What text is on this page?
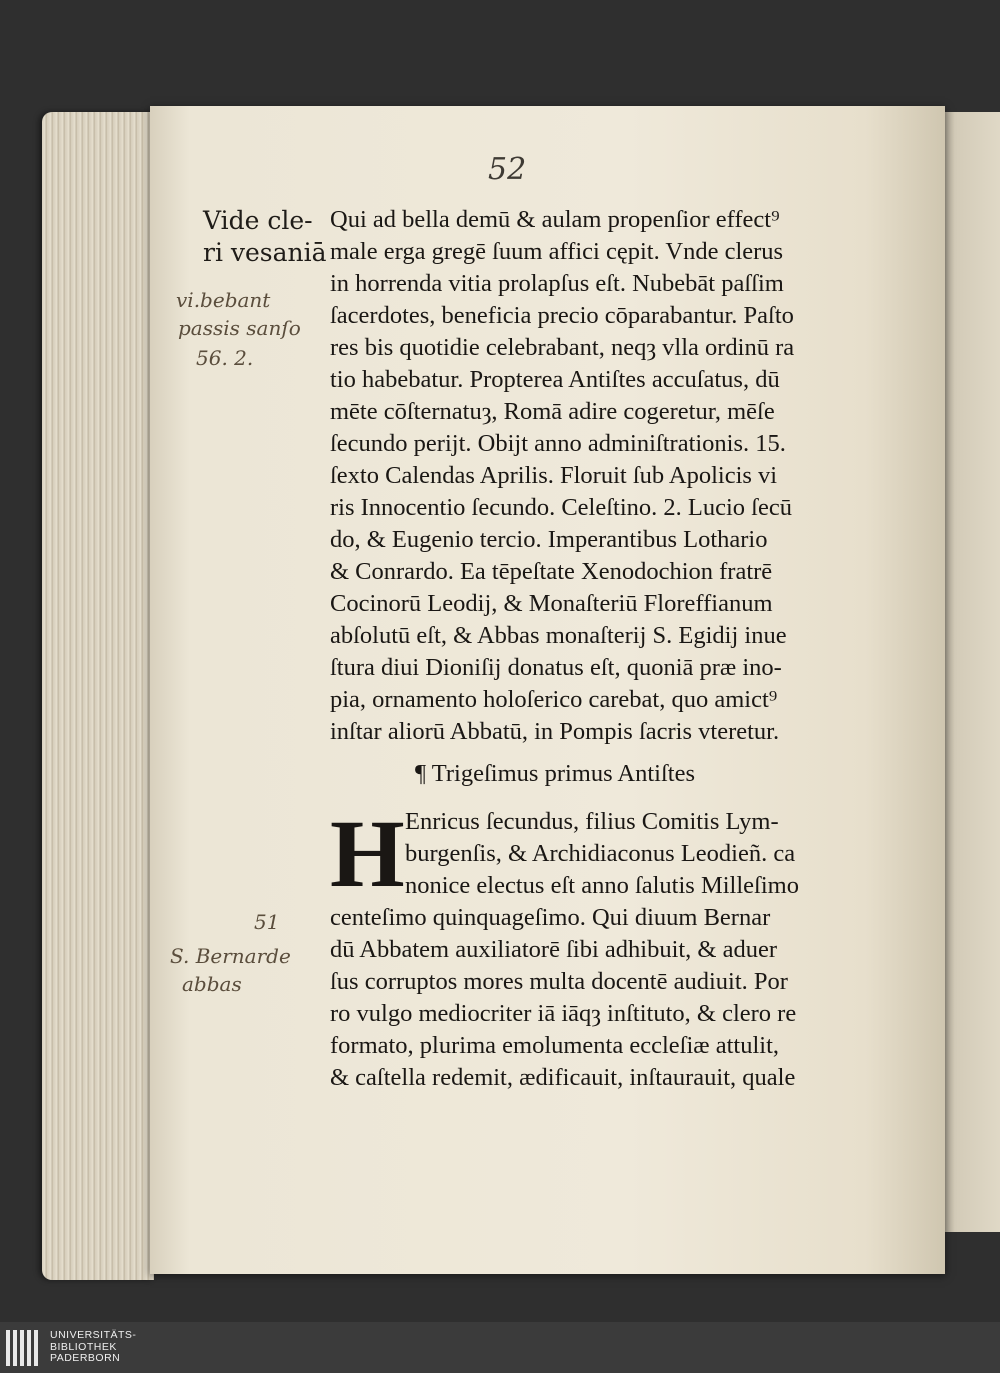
52
Vide cle-
ri vesaniā
vi.bebant
passis sanſo
56. 2.
51
S. Bernarde
abbas
Qui ad bella demū & aulam propenſior effect⁹
male erga gregē ſuum affici cępit. Vnde clerus
in horrenda vitia prolapſus eſt. Nubebāt paſſim
ſacerdotes, beneficia precio cōparabantur. Paſto
res bis quotidie celebrabant, neqȝ vlla ordinū ra
tio habebatur. Propterea Antiſtes accuſatus, dū
mēte cōſternatuȝ, Romā adire cogeretur, mēſe
ſecundo perijt. Obijt anno adminiſtrationis. 15.
ſexto Calendas Aprilis. Floruit ſub Apolicis vi
ris Innocentio ſecundo. Celeſtino. 2. Lucio ſecū
do, & Eugenio tercio. Imperantibus Lothario
& Conrardo. Ea tēpeſtate Xenodochion fratrē
Cocinorū Leodij, & Monaſteriū Floreffianum
abſolutū eſt, & Abbas monaſterij S. Egidij inue
ſtura diui Dioniſij donatus eſt, quoniā præ ino-
pia, ornamento holoſerico carebat, quo amict⁹
inſtar aliorū Abbatū, in Pompis ſacris vteretur.
¶ Trigeſimus primus Antiſtes
H Enricus ſecundus, filius Comitis Lym-
burgenſis, & Archidiaconus Leodieñ. ca
nonice electus eſt anno ſalutis Milleſimo
centeſimo quinquageſimo. Qui diuum Bernar
dū Abbatem auxiliatorē ſibi adhibuit, & aduer
ſus corruptos mores multa docentē audiuit. Por
ro vulgo mediocriter iā iāqȝ inſtituto, & clero re
formato, plurima emolumenta eccleſiæ attulit,
& caſtella redemit, ædificauit, inſtaurauit, quale
UNIVERSITÄTS-
BIBLIOTHEK
PADERBORN
